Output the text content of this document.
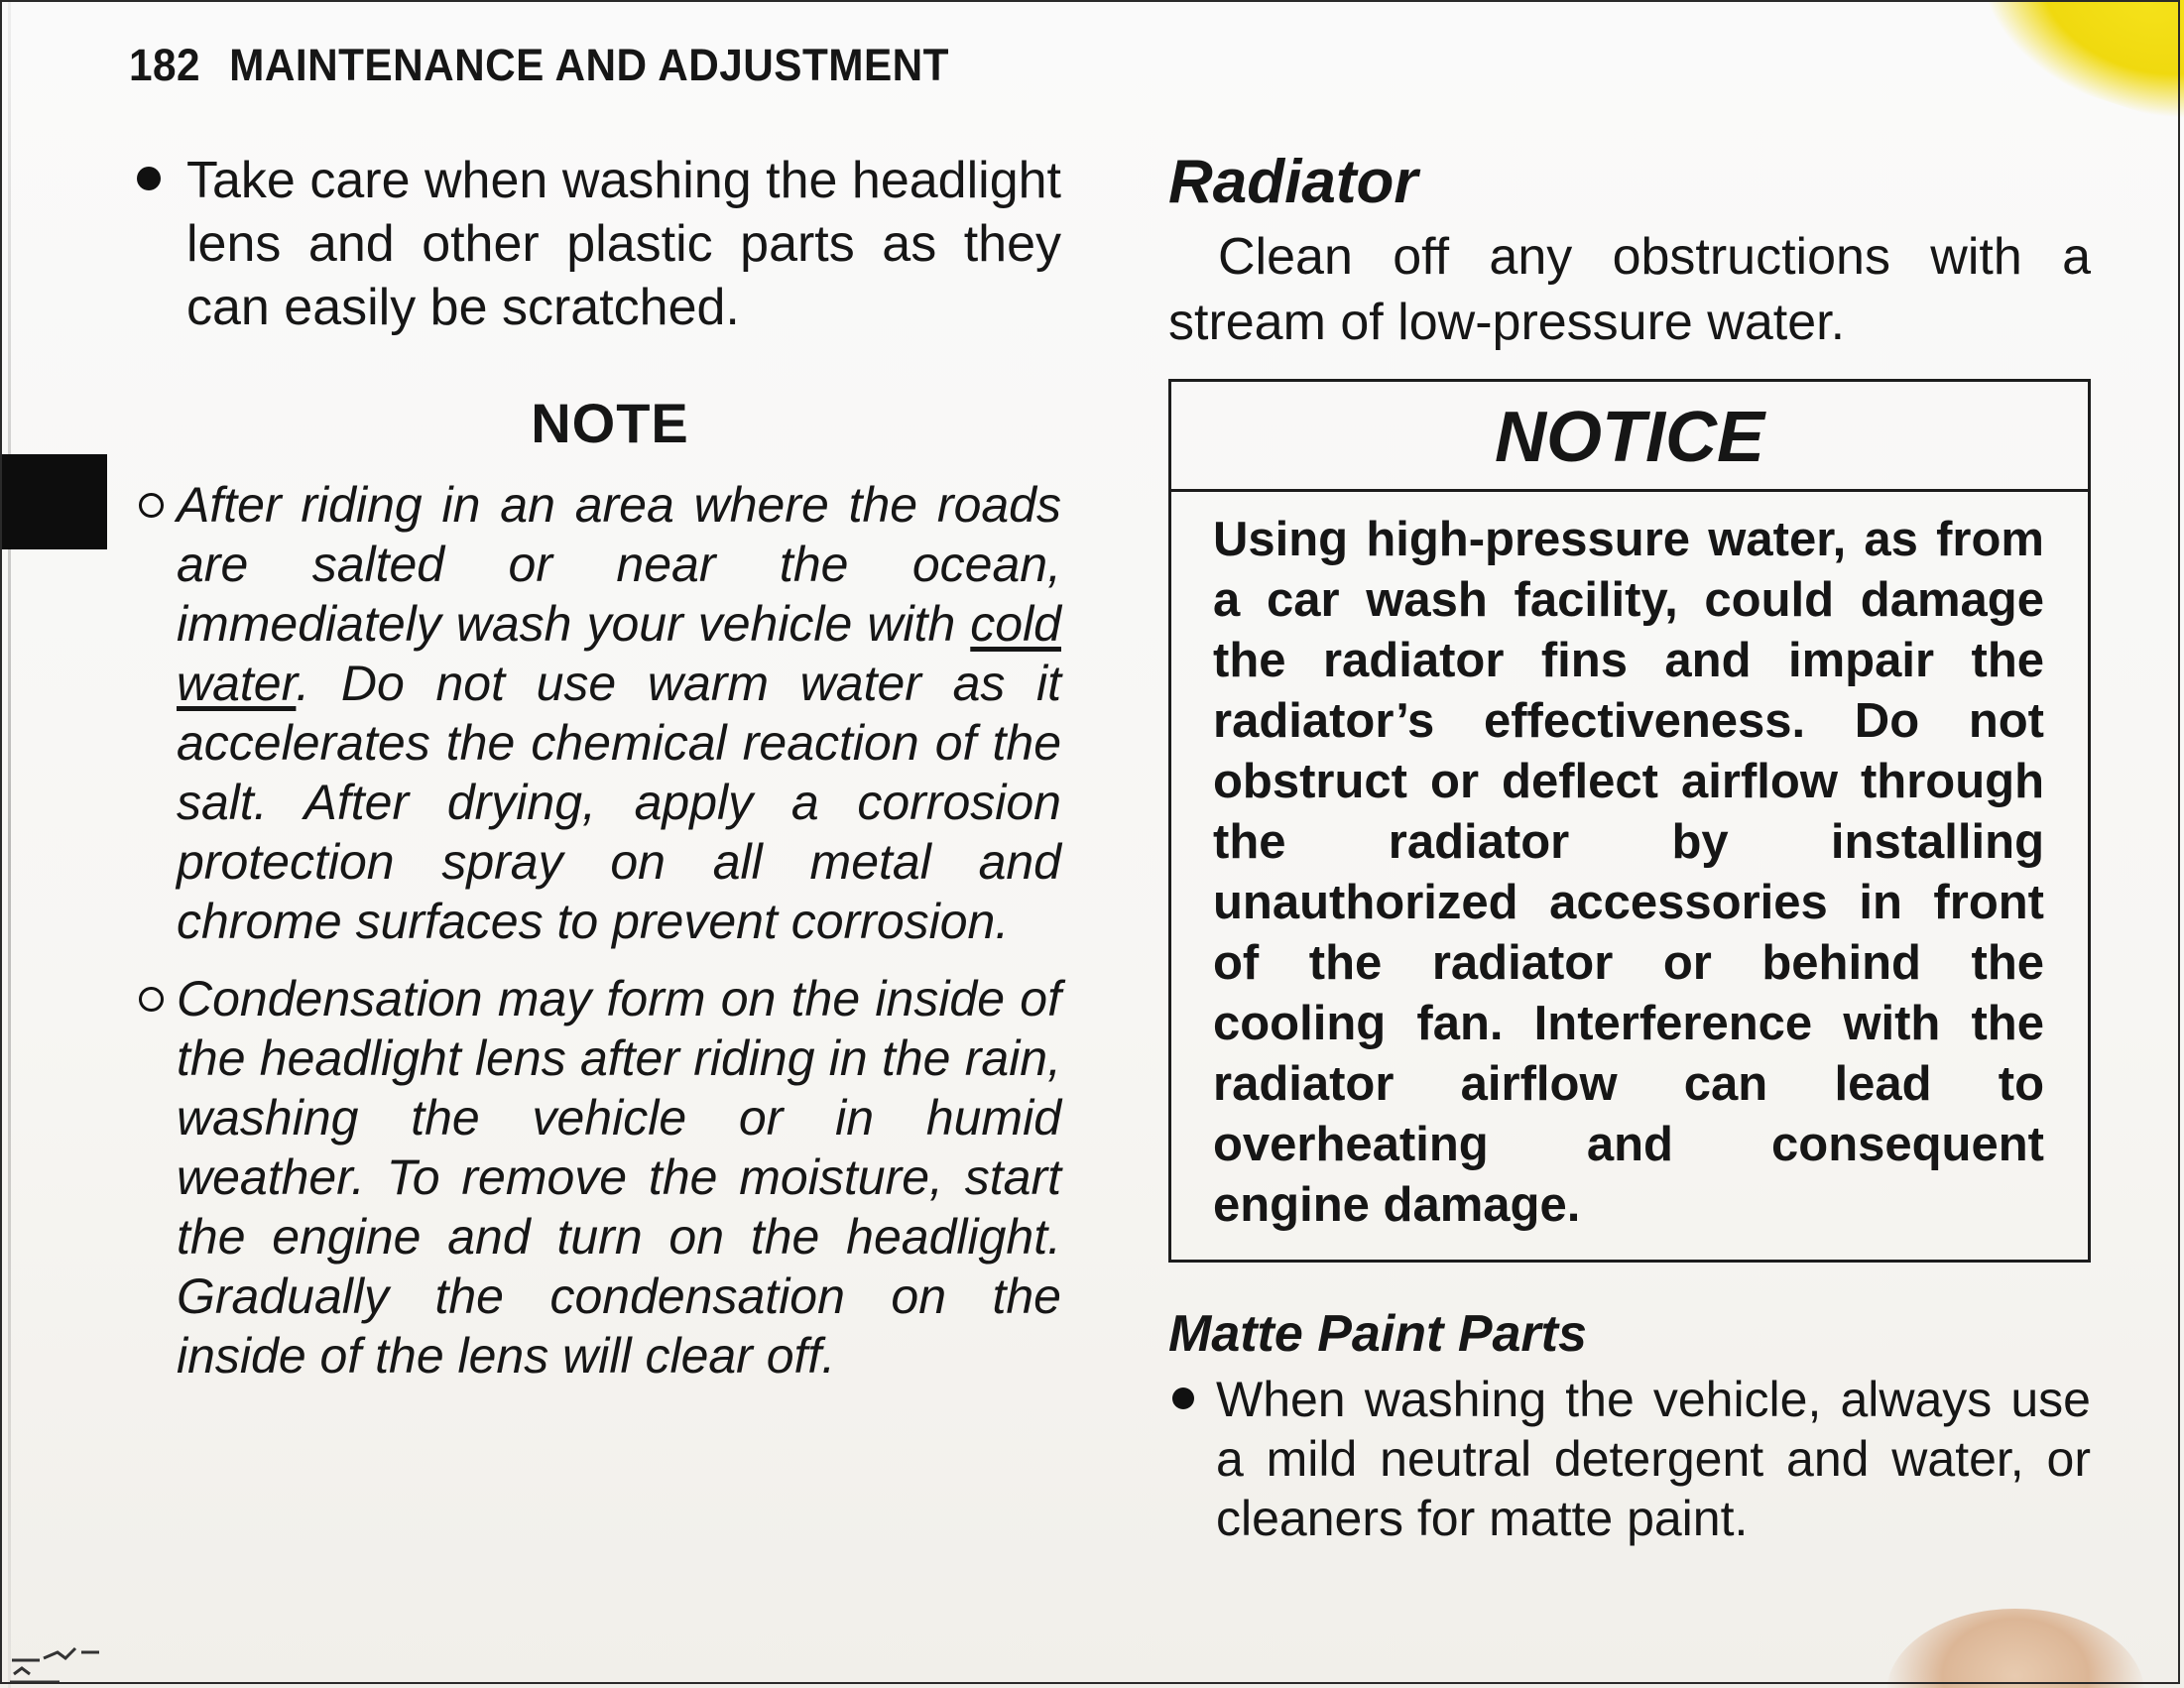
182 MAINTENANCE AND ADJUSTMENT
Take care when washing the headlight lens and other plastic parts as they can easily be scratched.
NOTE
After riding in an area where the roads are salted or near the ocean, immediately wash your vehicle with cold water. Do not use warm water as it accelerates the chemical reaction of the salt. After drying, apply a corrosion protection spray on all metal and chrome surfaces to prevent corrosion.
Condensation may form on the inside of the headlight lens after riding in the rain, washing the vehicle or in humid weather. To remove the moisture, start the engine and turn on the headlight. Gradually the condensation on the inside of the lens will clear off.
Radiator
Clean off any obstructions with a stream of low-pressure water.
NOTICE
Using high-pressure water, as from a car wash facility, could damage the radiator fins and impair the radiator’s effectiveness. Do not obstruct or deflect airflow through the radiator by installing unauthorized accessories in front of the radiator or behind the cooling fan. Interference with the radiator airflow can lead to overheating and consequent engine damage.
Matte Paint Parts
When washing the vehicle, always use a mild neutral detergent and water, or cleaners for matte paint.
